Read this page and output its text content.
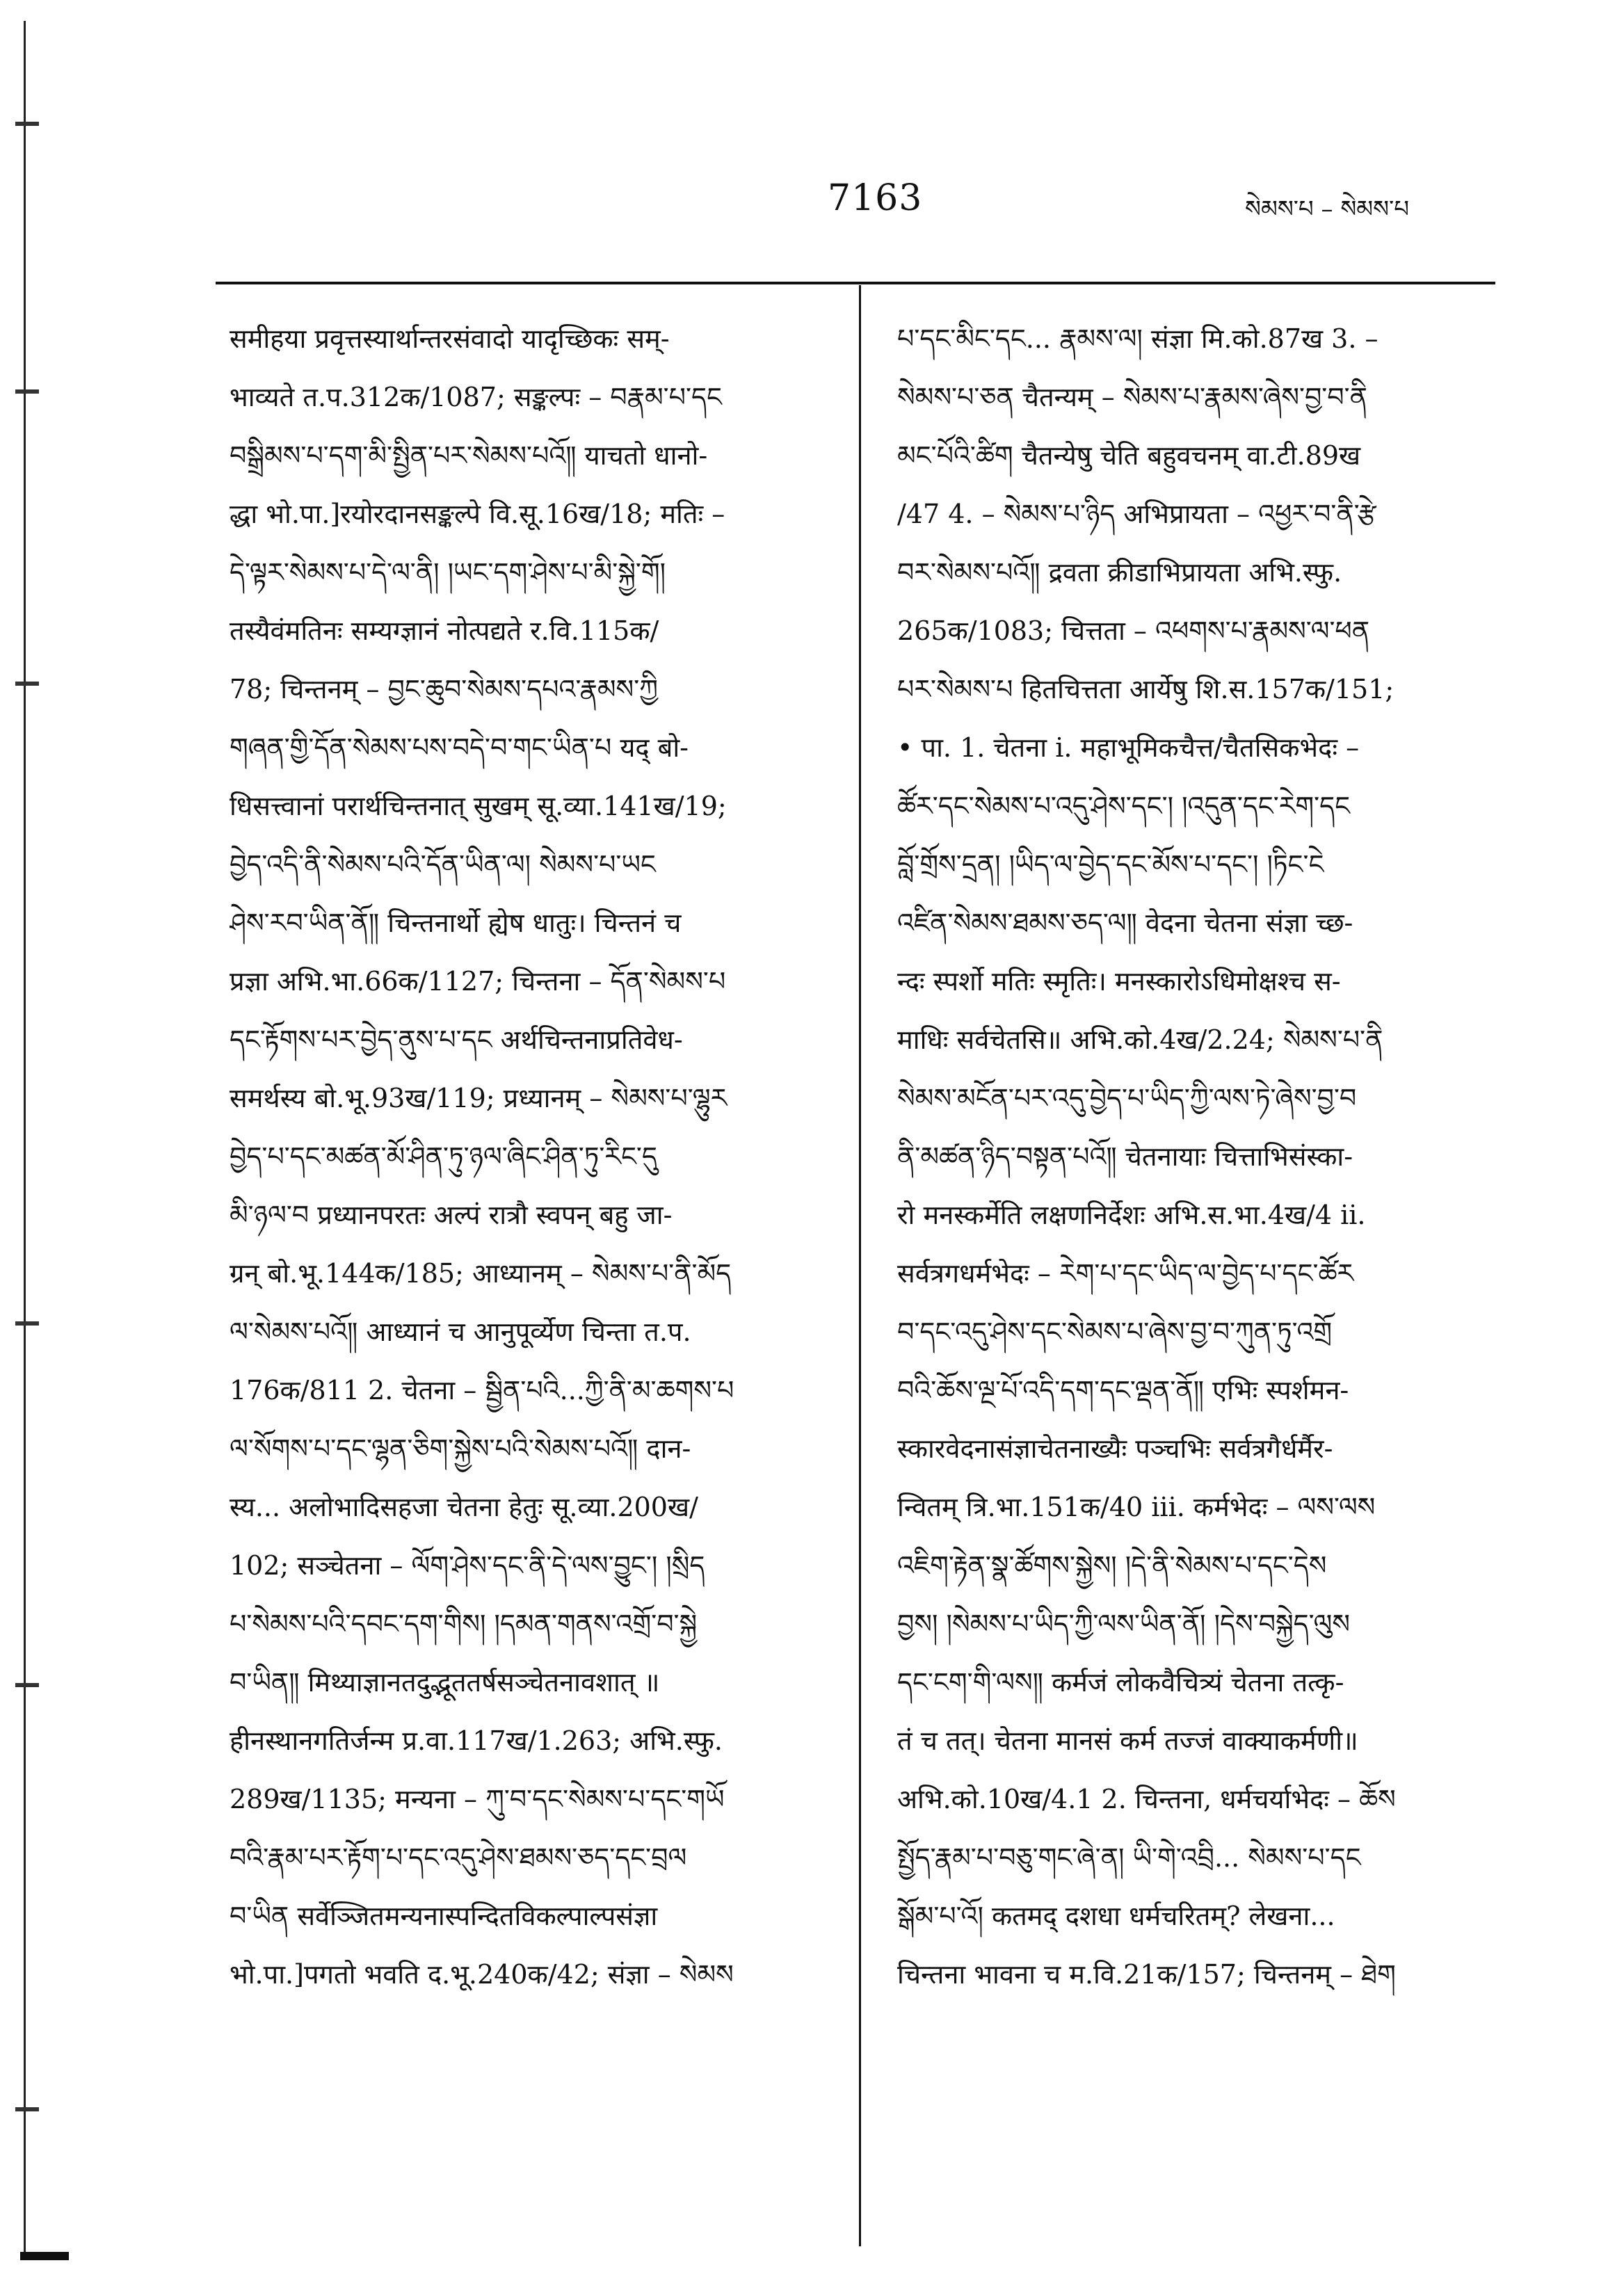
7163	སེམས་པ – སེམས་པ
समीहया प्रवृत्तस्यार्थान्तरसंवादो यादृच्छिकः सम्-
भाव्यते त.प.312क/1087; सङ्कल्पः – བརྣམ་པ་དང
བསྒྲིམས་པ་དག་མི་སྤྱིན་པར་སེམས་པའོ༎ याचतो धानो-
द्धा भो.पा.]रयोरदानसङ्कल्पे वि.सू.16ख/18; मतिः –
དེ་ལྟར་སེམས་པ་དེ་ལ་ནི། །ཡང་དག་ཤེས་པ་མི་སྐྱེ་གོ།
तस्यैवंमतिनः सम्यग्ज्ञानं नोत्पद्यते र.वि.115क/
78; चिन्तनम् – བྱང་ཆུབ་སེམས་དཔའ་རྣམས་ཀྱི
གཞན་གྱི་དོན་སེམས་པས་བདེ་བ་གང་ཡིན་པ यद् बो-
धिसत्त्वानां परार्थचिन्तनात् सुखम् सू.व्या.141ख/19;
བྱེད་འདི་ནི་སེམས་པའི་དོན་ཡིན་ལ། སེམས་པ་ཡང
ཤེས་རབ་ཡིན་ནོ༎ चिन्तनार्थो ह्येष धातुः। चिन्तनं च
प्रज्ञा अभि.भा.66क/1127; चिन्तना – དོན་སེམས་པ
དང་རྟོགས་པར་བྱེད་ནུས་པ་དང अर्थचिन्तनाप्रतिवेध-
समर्थस्य बो.भू.93ख/119; प्रध्यानम् – སེམས་པ་ལྷུར
བྱེད་པ་དང་མཚན་མོ་ཤིན་ཏུ་ཉལ་ཞིང་ཤིན་ཏུ་རིང་དུ
མི་ཉལ་བ प्रध्यानपरतः अल्पं रात्रौ स्वपन् बहु जा-
ग्रन् बो.भू.144क/185; आध्यानम् – སེམས་པ་ནི་མོད
ལ་སེམས་པའོ༎ आध्यानं च आनुपूर्व्येण चिन्ता त.प.
176क/811 2. चेतना – སྦྱིན་པའི...ཀྱི་ནི་མ་ཆགས་པ
ལ་སོགས་པ་དང་ལྷན་ཅིག་སྐྱེས་པའི་སེམས་པའོ༎ दान-
स्य... अलोभादिसहजा चेतना हेतुः सू.व्या.200ख/
102; सञ्चेतना – ལོག་ཤེས་དང་ནི་དེ་ལས་བྱུང་། །སྲིད
པ་སེམས་པའི་དབང་དག་གིས། །དམན་གནས་འགྲོ་བ་སྐྱེ
བ་ཡིན༎ मिथ्याज्ञानतदुद्भूततर्षसञ्चेतनावशात् ॥
हीनस्थानगतिर्जन्म प्र.वा.117ख/1.263; अभि.स्फु.
289ख/1135; मन्यना – ཀུ་བ་དང་སེམས་པ་དང་གཡོ
བའི་རྣམ་པར་རྟོག་པ་དང་འདུ་ཤེས་ཐམས་ཅད་དང་བྲལ
བ་ཡིན सर्वेञ्जितमन्यनास्पन्दितविकल्पाल्पसंज्ञा
भो.पा.]पगतो भवति द.भू.240क/42; संज्ञा – སེམས
པ་དང་མིང་དང... རྣམས་ལ། संज्ञा मि.को.87ख 3. –
སེམས་པ་ཅན चैतन्यम् – སེམས་པ་རྣམས་ཞེས་བྱ་བ་ནི
མང་པོའི་ཚིག चैतन्येषु चेति बहुवचनम् वा.टी.89ख
/47 4. – སེམས་པ་ཉིད अभिप्रायता – འཕྱར་བ་ནི་རྩེ
བར་སེམས་པའོ༎ द्रवता क्रीडाभिप्रायता अभि.स्फु.
265क/1083; चित्तता – འཕགས་པ་རྣམས་ལ་ཕན
པར་སེམས་པ हितचित्तता आर्येषु शि.स.157क/151;
• पा. 1. चेतना i. महाभूमिकचैत्त/चैतसिकभेदः –
ཚོར་དང་སེམས་པ་འདུ་ཤེས་དང་། །འདུན་དང་རེག་དང
བློ་གྲོས་དྲན། །ཡིད་ལ་བྱེད་དང་མོས་པ་དང་། །ཏིང་ངེ
འཛིན་སེམས་ཐམས་ཅད་ལ༎ वेदना चेतना संज्ञा च्छ-
न्दः स्पर्शो मतिः स्मृतिः। मनस्कारोऽधिमोक्षश्च स-
माधिः सर्वचेतसि॥ अभि.को.4ख/2.24; སེམས་པ་ནི
སེམས་མངོན་པར་འདུ་བྱེད་པ་ཡིད་ཀྱི་ལས་ཏེ་ཞེས་བྱ་བ
ནི་མཚན་ཉིད་བསྟན་པའོ༎ चेतनायाः चित्ताभिसंस्का-
रो मनस्कर्मेति लक्षणनिर्देशः अभि.स.भा.4ख/4 ii.
सर्वत्रगधर्मभेदः – རེག་པ་དང་ཡིད་ལ་བྱེད་པ་དང་ཚོར
བ་དང་འདུ་ཤེས་དང་སེམས་པ་ཞེས་བྱ་བ་ཀུན་ཏུ་འགྲོ
བའི་ཆོས་ལྔ་པོ་འདི་དག་དང་ལྡན་ནོ༎ एभिः स्पर्शमन-
स्कारवेदनासंज्ञाचेतनाख्यैः पञ्चभिः सर्वत्रगैर्धर्मैर-
न्वितम् त्रि.भा.151क/40 iii. कर्मभेदः – ལས་ལས
འཇིག་རྟེན་སྣ་ཚོགས་སྐྱེས། །དེ་ནི་སེམས་པ་དང་དེས
བྱས། །སེམས་པ་ཡིད་ཀྱི་ལས་ཡིན་ནོ། །དེས་བསྐྱེད་ལུས
དང་ངག་གི་ལས༎ कर्मजं लोकवैचित्र्यं चेतना तत्कृ-
तं च तत्। चेतना मानसं कर्म तज्जं वाक्याकर्मणी॥
अभि.को.10ख/4.1 2. चिन्तना, धर्मचर्याभेदः – ཆོས
སྤྱོད་རྣམ་པ་བཅུ་གང་ཞེ་ན། ཡི་གེ་འབྲི... སེམས་པ་དང
སྒོམ་པ་འོ། कतमद् दशधा धर्मचरितम्? लेखना...
चिन्तना भावना च म.वि.21क/157; चिन्तनम् – ཐེག
